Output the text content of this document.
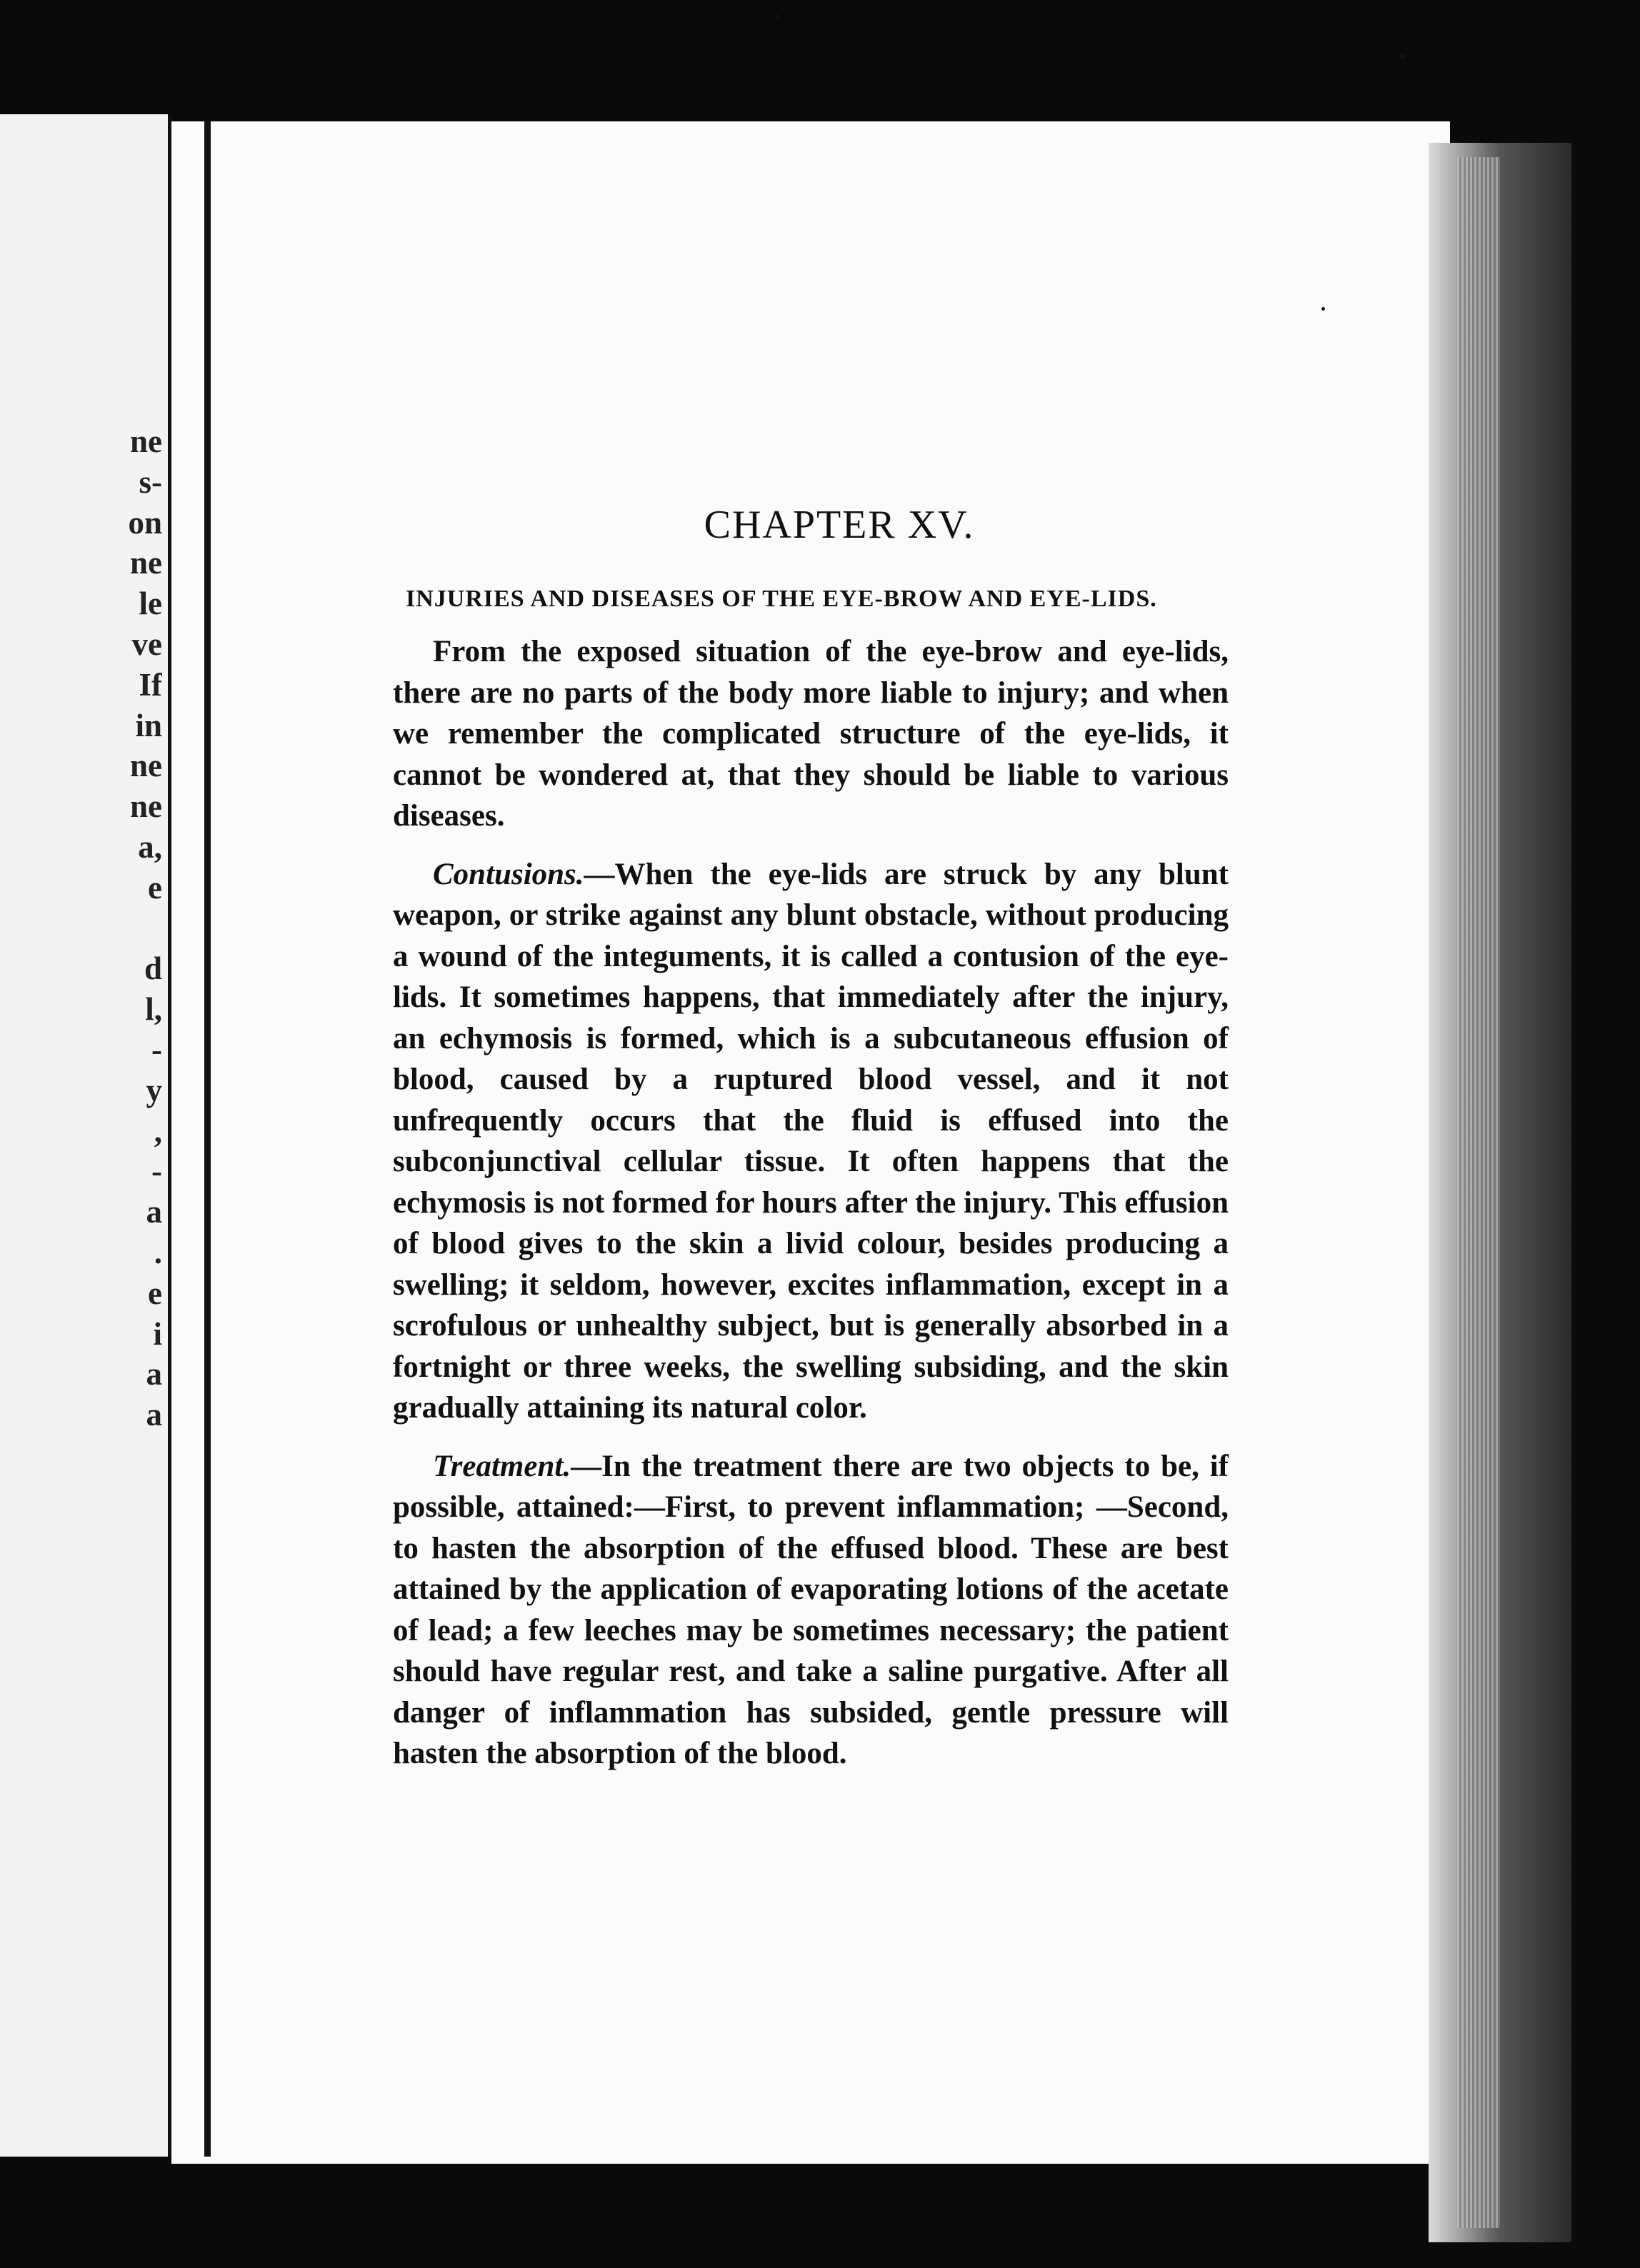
ne
s-
on
ne
le
ve
If
in
ne
ne
a,
e
d
l,
-
y
,
-
a
.
e
i
a
a
CHAPTER XV.
INJURIES AND DISEASES OF THE EYE-BROW AND EYE-LIDS.

From the exposed situation of the eye-brow and eye-lids, there are no parts of the body more liable to injury; and when we remember the complicated structure of the eye-lids, it cannot be wondered at, that they should be liable to various diseases.

Contusions.—When the eye-lids are struck by any blunt weapon, or strike against any blunt obstacle, without producing a wound of the integuments, it is called a contusion of the eye-lids. It sometimes happens, that immediately after the injury, an echymosis is formed, which is a subcutaneous effusion of blood, caused by a ruptured blood vessel, and it not unfrequently occurs that the fluid is effused into the subconjunctival cellular tissue. It often happens that the echymosis is not formed for hours after the injury. This effusion of blood gives to the skin a livid colour, besides producing a swelling; it seldom, however, excites inflammation, except in a scrofulous or unhealthy subject, but is generally absorbed in a fortnight or three weeks, the swelling subsiding, and the skin gradually attaining its natural color.

Treatment.—In the treatment there are two objects to be, if possible, attained:—First, to prevent inflammation; —Second, to hasten the absorption of the effused blood. These are best attained by the application of evaporating lotions of the acetate of lead; a few leeches may be sometimes necessary; the patient should have regular rest, and take a saline purgative. After all danger of inflammation has subsided, gentle pressure will hasten the absorption of the blood.
